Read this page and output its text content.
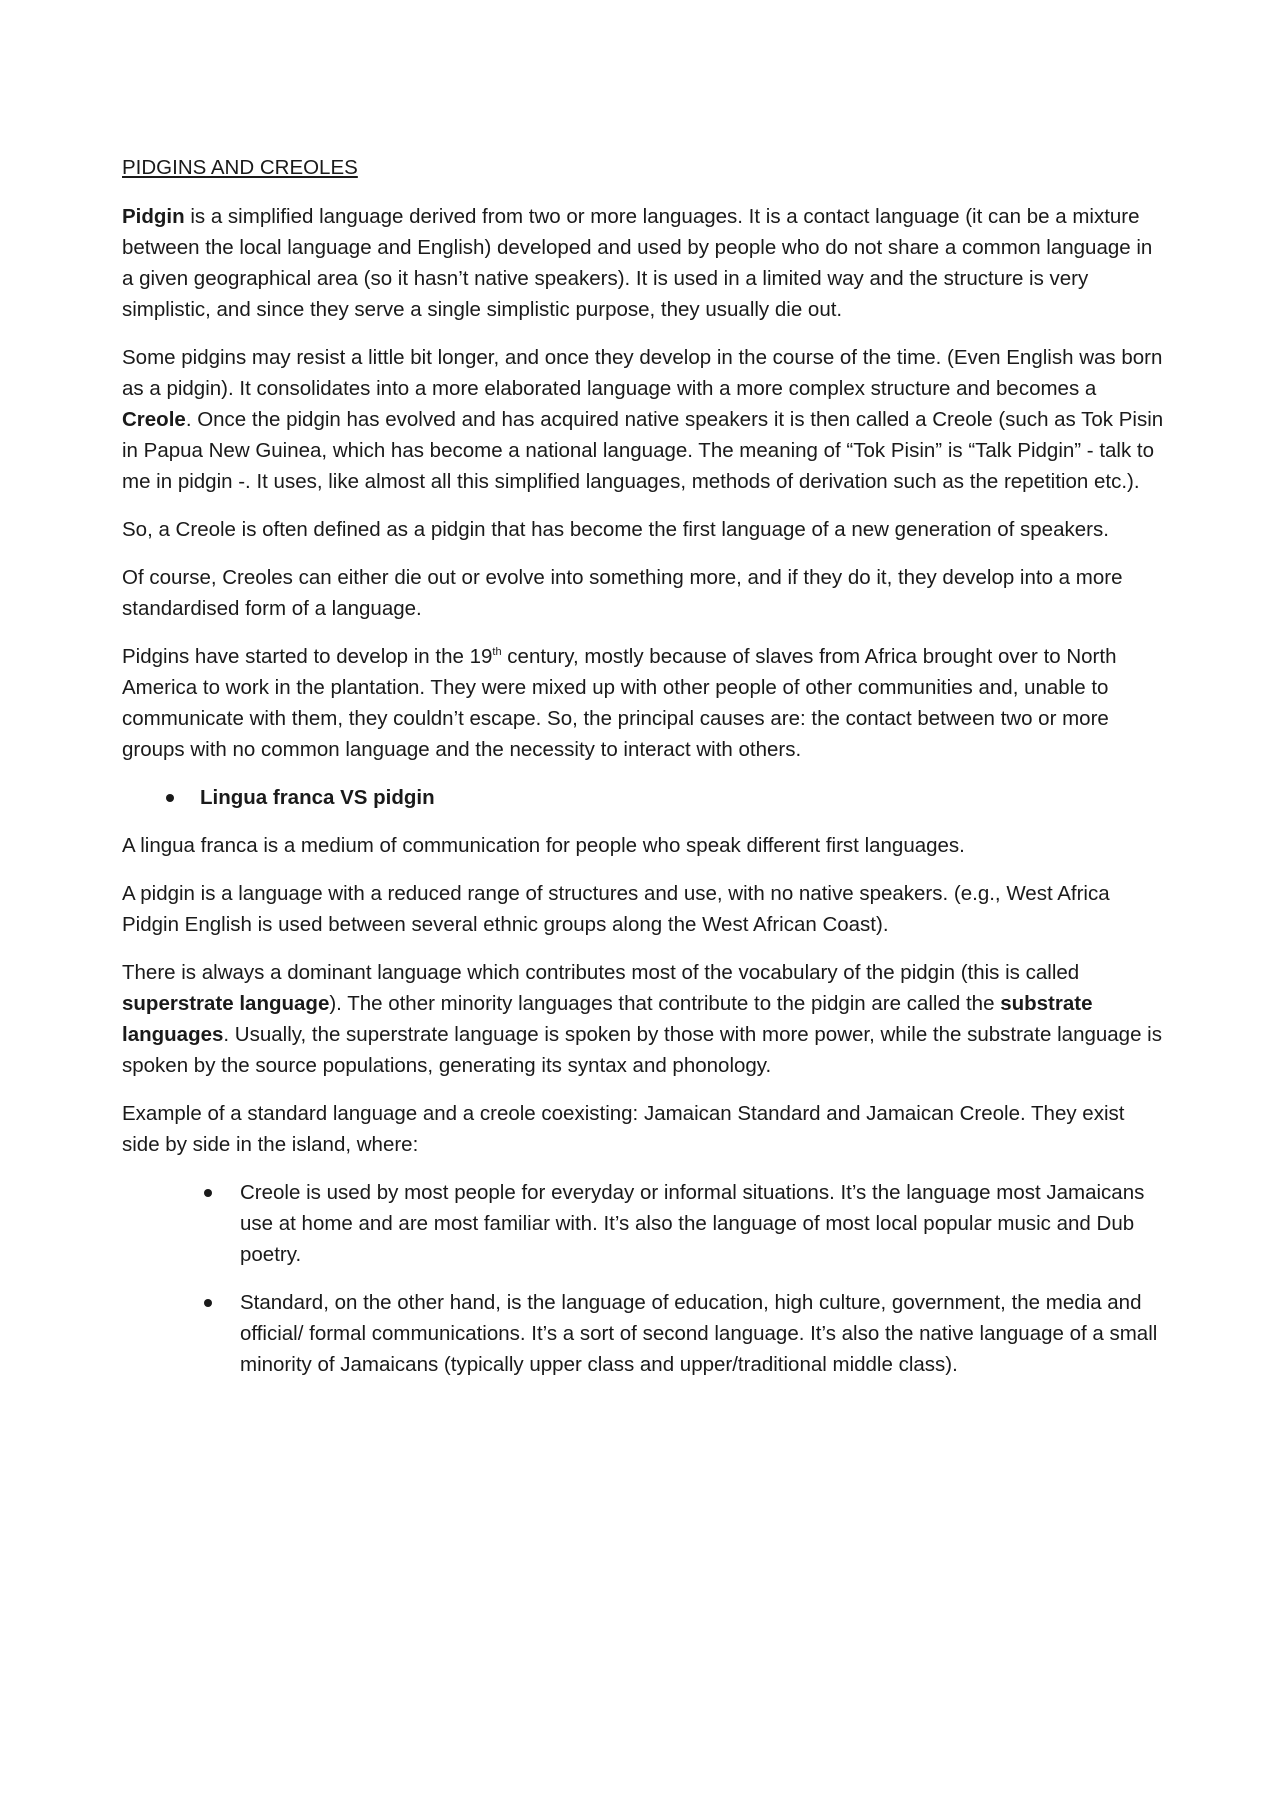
PIDGINS AND CREOLES

Pidgin is a simplified language derived from two or more languages. It is a contact language (it can be a mixture between the local language and English) developed and used by people who do not share a common language in a given geographical area (so it hasn’t native speakers). It is used in a limited way and the structure is very simplistic, and since they serve a single simplistic purpose, they usually die out.

Some pidgins may resist a little bit longer, and once they develop in the course of the time. (Even English was born as a pidgin). It consolidates into a more elaborated language with a more complex structure and becomes a Creole. Once the pidgin has evolved and has acquired native speakers it is then called a Creole (such as Tok Pisin in Papua New Guinea, which has become a national language. The meaning of “Tok Pisin” is “Talk Pidgin” - talk to me in pidgin -. It uses, like almost all this simplified languages, methods of derivation such as the repetition etc.).

So, a Creole is often defined as a pidgin that has become the first language of a new generation of speakers.

Of course, Creoles can either die out or evolve into something more, and if they do it, they develop into a more standardised form of a language.

Pidgins have started to develop in the 19th century, mostly because of slaves from Africa brought over to North America to work in the plantation. They were mixed up with other people of other communities and, unable to communicate with them, they couldn’t escape. So, the principal causes are: the contact between two or more groups with no common language and the necessity to interact with others.

Lingua franca VS pidgin

A lingua franca is a medium of communication for people who speak different first languages.

A pidgin is a language with a reduced range of structures and use, with no native speakers. (e.g., West Africa Pidgin English is used between several ethnic groups along the West African Coast).

There is always a dominant language which contributes most of the vocabulary of the pidgin (this is called superstrate language). The other minority languages that contribute to the pidgin are called the substrate languages. Usually, the superstrate language is spoken by those with more power, while the substrate language is spoken by the source populations, generating its syntax and phonology.

Example of a standard language and a creole coexisting: Jamaican Standard and Jamaican Creole. They exist side by side in the island, where:

Creole is used by most people for everyday or informal situations. It’s the language most Jamaicans use at home and are most familiar with. It’s also the language of most local popular music and Dub poetry.

Standard, on the other hand, is the language of education, high culture, government, the media and official/ formal communications. It’s a sort of second language. It’s also the native language of a small minority of Jamaicans (typically upper class and upper/traditional middle class).
